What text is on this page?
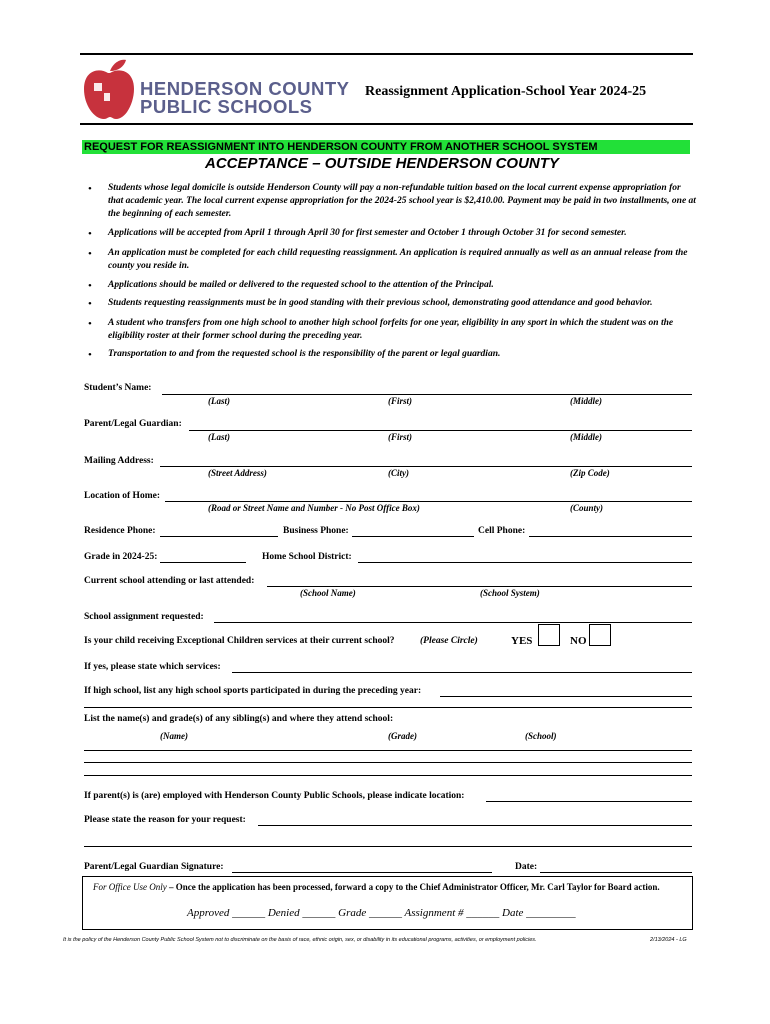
HENDERSON COUNTY
PUBLIC SCHOOLS
Reassignment Application-School Year 2024-25
REQUEST FOR REASSIGNMENT INTO HENDERSON COUNTY FROM ANOTHER SCHOOL SYSTEM
ACCEPTANCE – OUTSIDE HENDERSON COUNTY
• Students whose legal domicile is outside Henderson County will pay a non-refundable tuition based on the local current expense appropriation for that academic year. The local current expense appropriation for the 2024-25 school year is $2,410.00. Payment may be paid in two installments, one at the beginning of each semester.
• Applications will be accepted from April 1 through April 30 for first semester and October 1 through October 31 for second semester.
• An application must be completed for each child requesting reassignment. An application is required annually as well as an annual release from the county you reside in.
• Applications should be mailed or delivered to the requested school to the attention of the Principal.
• Students requesting reassignments must be in good standing with their previous school, demonstrating good attendance and good behavior.
• A student who transfers from one high school to another high school forfeits for one year, eligibility in any sport in which the student was on the eligibility roster at their former school during the preceding year.
• Transportation to and from the requested school is the responsibility of the parent or legal guardian.
Student’s Name:
(Last)	(First)	(Middle)
Parent/Legal Guardian:
(Last)	(First)	(Middle)
Mailing Address:
(Street Address)	(City)	(Zip Code)
Location of Home:
(Road or Street Name and Number - No Post Office Box)	(County)
Residence Phone:	Business Phone:	Cell Phone:
Grade in 2024-25:	Home School District:
Current school attending or last attended:
(School Name)	(School System)
School assignment requested:
Is your child receiving Exceptional Children services at their current school?	(Please Circle)	YES	NO
If yes, please state which services:
If high school, list any high school sports participated in during the preceding year:
List the name(s) and grade(s) of any sibling(s) and where they attend school:
(Name)	(Grade)	(School)
If parent(s) is (are) employed with Henderson County Public Schools, please indicate location:
Please state the reason for your request:
Parent/Legal Guardian Signature:	Date:
For Office Use Only – Once the application has been processed, forward a copy to the Chief Administrator Officer, Mr. Carl Taylor for Board action.
Approved ______ Denied ______ Grade ______ Assignment # ______ Date _________
It is the policy of the Henderson County Public School System not to discriminate on the basis of race, ethnic origin, sex, or disability in its educational programs, activities, or employment policies.	2/13/2024 - LG
